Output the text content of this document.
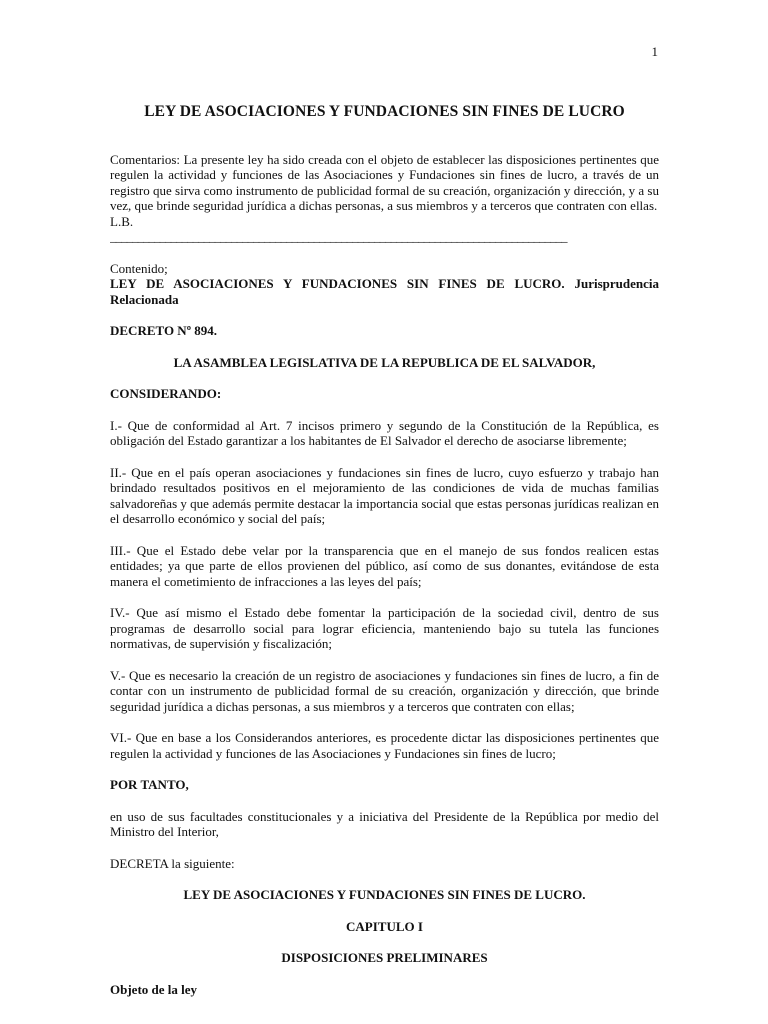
1
LEY DE ASOCIACIONES Y FUNDACIONES SIN FINES DE LUCRO

Comentarios: La presente ley ha sido creada con el objeto de establecer las disposiciones pertinentes que regulen la actividad y funciones de las Asociaciones y Fundaciones sin fines de lucro, a través de un registro que sirva como instrumento de publicidad formal de su creación, organización y dirección, y a su vez, que brinde seguridad jurídica a dichas personas, a sus miembros y a terceros que contraten con ellas.

L.B.

___________________________________________________________________________________

Contenido;

LEY DE ASOCIACIONES Y FUNDACIONES SIN FINES DE LUCRO. Jurisprudencia Relacionada

DECRETO Nº 894.

LA ASAMBLEA LEGISLATIVA DE LA REPUBLICA DE EL SALVADOR,

CONSIDERANDO:

I.- Que de conformidad al Art. 7 incisos primero y segundo de la Constitución de la República, es obligación del Estado garantizar a los habitantes de El Salvador el derecho de asociarse libremente;

II.- Que en el país operan asociaciones y fundaciones sin fines de lucro, cuyo esfuerzo y trabajo han brindado resultados positivos en el mejoramiento de las condiciones de vida de muchas familias salvadoreñas y que además permite destacar la importancia social que estas personas jurídicas realizan en el desarrollo económico y social del país;

III.- Que el Estado debe velar por la transparencia que en el manejo de sus fondos realicen estas entidades; ya que parte de ellos provienen del público, así como de sus donantes, evitándose de esta manera el cometimiento de infracciones a las leyes del país;

IV.- Que así mismo el Estado debe fomentar la participación de la sociedad civil, dentro de sus programas de desarrollo social para lograr eficiencia, manteniendo bajo su tutela las funciones normativas, de supervisión y fiscalización;

V.- Que es necesario la creación de un registro de asociaciones y fundaciones sin fines de lucro, a fin de contar con un instrumento de publicidad formal de su creación, organización y dirección, que brinde seguridad jurídica a dichas personas, a sus miembros y a terceros que contraten con ellas;

VI.- Que en base a los Considerandos anteriores, es procedente dictar las disposiciones pertinentes que regulen la actividad y funciones de las Asociaciones y Fundaciones sin fines de lucro;

POR TANTO,

en uso de sus facultades constitucionales y a iniciativa del Presidente de la República por medio del Ministro del Interior,

DECRETA la siguiente:

LEY DE ASOCIACIONES Y FUNDACIONES SIN FINES DE LUCRO.

CAPITULO I

DISPOSICIONES PRELIMINARES

Objeto de la ley
